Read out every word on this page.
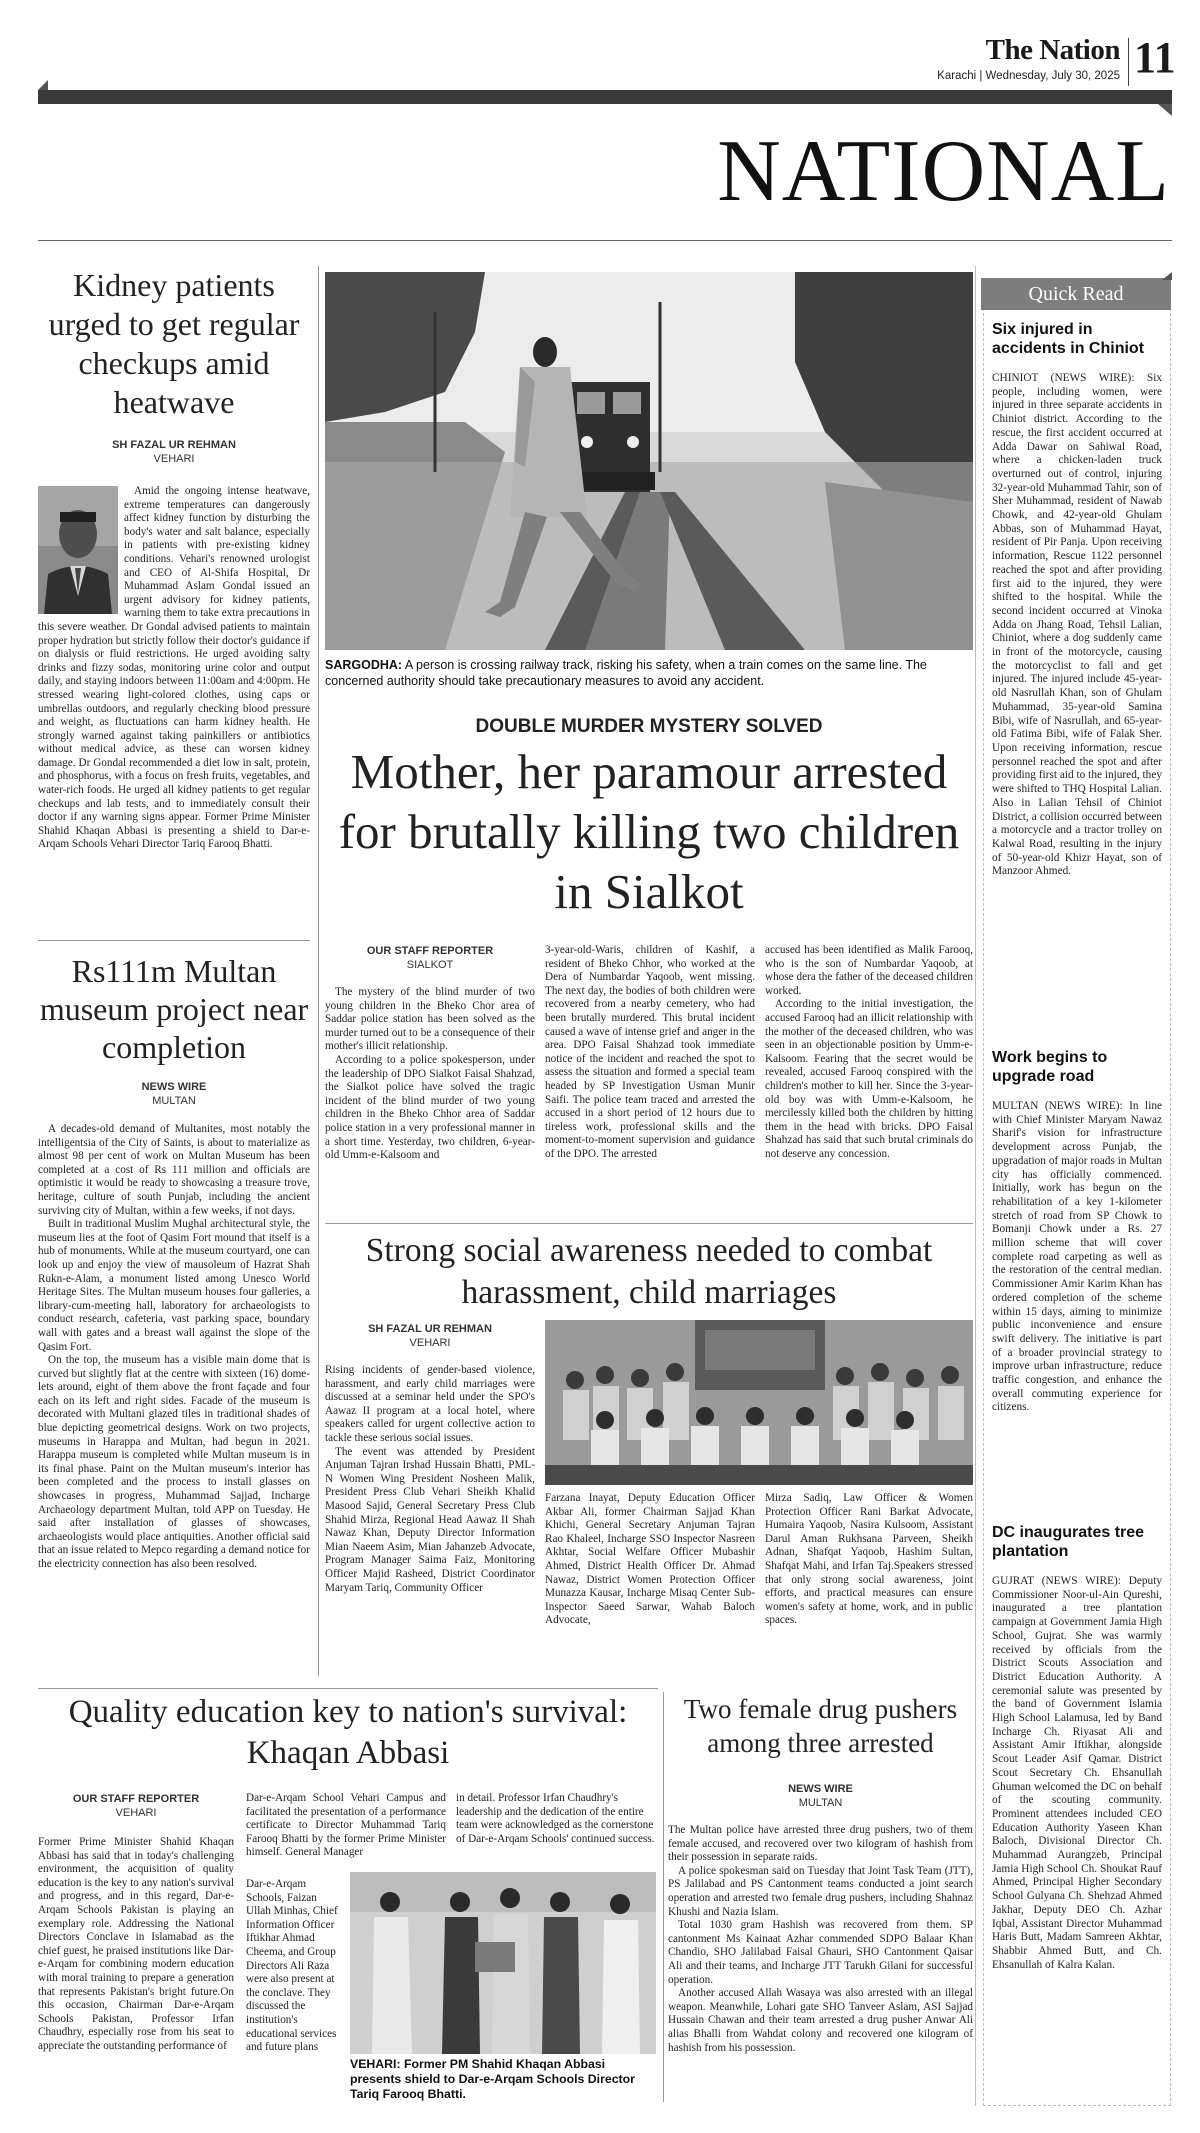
The Nation
Karachi | Wednesday, July 30, 2025 11
NATIONAL
Kidney patients urged to get regular checkups amid heatwave
SH FAZAL UR REHMAN
VEHARI

Amid the ongoing intense heatwave, extreme temperatures can dangerously affect kidney function by disturbing the body's water and salt balance, especially in patients with pre-existing kidney conditions. Vehari's renowned urologist and CEO of Al-Shifa Hospital, Dr Muhammad Aslam Gondal issued an urgent advisory for kidney patients, warning them to take extra precautions in this severe weather. Dr Gondal advised patients to maintain proper hydration but strictly follow their doctor's guidance if on dialysis or fluid restrictions. He urged avoiding salty drinks and fizzy sodas, monitoring urine color and output daily, and staying indoors between 11:00am and 4:00pm. He stressed wearing light-colored clothes, using caps or umbrellas outdoors, and regularly checking blood pressure and weight, as fluctuations can harm kidney health. He strongly warned against taking painkillers or antibiotics without medical advice, as these can worsen kidney damage. Dr Gondal recommended a diet low in salt, protein, and phosphorus, with a focus on fresh fruits, vegetables, and water-rich foods. He urged all kidney patients to get regular checkups and lab tests, and to immediately consult their doctor if any warning signs appear. Former Prime Minister Shahid Khaqan Abbasi is presenting a shield to Dar-e-Arqam Schools Vehari Director Tariq Farooq Bhatti.

Rs111m Multan museum project near completion
NEWS WIRE
MULTAN

A decades-old demand of Multanites, most notably the intelligentsia of the City of Saints, is about to materialize as almost 98 per cent of work on Multan Museum has been completed at a cost of Rs 111 million and officials are optimistic it would be ready to showcasing a treasure trove, heritage, culture of south Punjab, including the ancient surviving city of Multan, within a few weeks, if not days.

Built in traditional Muslim Mughal architectural style, the museum lies at the foot of Qasim Fort mound that itself is a hub of monuments. While at the museum courtyard, one can look up and enjoy the view of mausoleum of Hazrat Shah Rukn-e-Alam, a monument listed among Unesco World Heritage Sites. The Multan museum houses four galleries, a library-cum-meeting hall, laboratory for archaeologists to conduct research, cafeteria, vast parking space, boundary wall with gates and a breast wall against the slope of the Qasim Fort.

On the top, the museum has a visible main dome that is curved but slightly flat at the centre with sixteen (16) dome-lets around, eight of them above the front façade and four each on its left and right sides. Facade of the museum is decorated with Multani glazed tiles in traditional shades of blue depicting geometrical designs. Work on two projects, museums in Harappa and Multan, had begun in 2021. Harappa museum is completed while Multan museum is in its final phase. Paint on the Multan museum's interior has been completed and the process to install glasses on showcases in progress, Muhammad Sajjad, Incharge Archaeology department Multan, told APP on Tuesday. He said after installation of glasses of showcases, archaeologists would place antiquities. Another official said that an issue related to Mepco regarding a demand notice for the electricity connection has also been resolved.

SARGODHA: A person is crossing railway track, risking his safety, when a train comes on the same line. The concerned authority should take precautionary measures to avoid any accident.
DOUBLE MURDER MYSTERY SOLVED
Mother, her paramour arrested for brutally killing two children in Sialkot
OUR STAFF REPORTER
SIALKOT

The mystery of the blind murder of two young children in the Bheko Chor area of Saddar police station has been solved as the murder turned out to be a consequence of their mother's illicit relationship.

According to a police spokesperson, under the leadership of DPO Sialkot Faisal Shahzad, the Sialkot police have solved the tragic incident of the blind murder of two young children in the Bheko Chhor area of Saddar police station in a very professional manner in a short time. Yesterday, two children, 6-year-old Umm-e-Kalsoom and

3-year-old-Waris, children of Kashif, a resident of Bheko Chhor, who worked at the Dera of Numbardar Yaqoob, went missing. The next day, the bodies of both children were recovered from a nearby cemetery, who had been brutally murdered. This brutal incident caused a wave of intense grief and anger in the area. DPO Faisal Shahzad took immediate notice of the incident and reached the spot to assess the situation and formed a special team headed by SP Investigation Usman Munir Saifi. The police team traced and arrested the accused in a short period of 12 hours due to tireless work, professional skills and the moment-to-moment supervision and guidance of the DPO. The arrested

accused has been identified as Malik Farooq, who is the son of Numbardar Yaqoob, at whose dera the father of the deceased children worked.

According to the initial investigation, the accused Farooq had an illicit relationship with the mother of the deceased children, who was seen in an objectionable position by Umm-e-Kalsoom. Fearing that the secret would be revealed, accused Farooq conspired with the children's mother to kill her. Since the 3-year-old boy was with Umm-e-Kalsoom, he mercilessly killed both the children by hitting them in the head with bricks. DPO Faisal Shahzad has said that such brutal criminals do not deserve any concession.

Strong social awareness needed to combat harassment, child marriages
SH FAZAL UR REHMAN
VEHARI

Rising incidents of gender-based violence, harassment, and early child marriages were discussed at a seminar held under the SPO's Aawaz II program at a local hotel, where speakers called for urgent collective action to tackle these serious social issues.

The event was attended by President Anjuman Tajran Irshad Hussain Bhatti, PML-N Women Wing President Nosheen Malik, President Press Club Vehari Sheikh Khalid Masood Sajid, General Secretary Press Club Shahid Mirza, Regional Head Aawaz II Shah Nawaz Khan, Deputy Director Information Mian Naeem Asim, Mian Jahanzeb Advocate, Program Manager Saima Faiz, Monitoring Officer Majid Rasheed, District Coordinator Maryam Tariq, Community Officer

Farzana Inayat, Deputy Education Officer Akbar Ali, former Chairman Sajjad Khan Khichi, General Secretary Anjuman Tajran Rao Khaleel, Incharge SSO Inspector Nasreen Akhtar, Social Welfare Officer Mubashir Ahmed, District Health Officer Dr. Ahmad Nawaz, District Women Protection Officer Munazza Kausar, Incharge Misaq Center Sub-Inspector Saeed Sarwar, Wahab Baloch Advocate,

Mirza Sadiq, Law Officer & Women Protection Officer Rani Barkat Advocate, Humaira Yaqoob, Nasira Kulsoom, Assistant Darul Aman Rukhsana Parveen, Sheikh Adnan, Shafqat Yaqoob, Hashim Sultan, Shafqat Mahi, and Irfan Taj.Speakers stressed that only strong social awareness, joint efforts, and practical measures can ensure women's safety at home, work, and in public spaces.

Quality education key to nation's survival: Khaqan Abbasi
OUR STAFF REPORTER
VEHARI

Former Prime Minister Shahid Khaqan Abbasi has said that in today's challenging environment, the acquisition of quality education is the key to any nation's survival and progress, and in this regard, Dar-e-Arqam Schools Pakistan is playing an exemplary role. Addressing the National Directors Conclave in Islamabad as the chief guest, he praised institutions like Dar-e-Arqam for combining modern education with moral training to prepare a generation that represents Pakistan's bright future.On this occasion, Chairman Dar-e-Arqam Schools Pakistan, Professor Irfan Chaudhry, especially rose from his seat to appreciate the outstanding performance of

Dar-e-Arqam School Vehari Campus and facilitated the presentation of a performance certificate to Director Muhammad Tariq Farooq Bhatti by the former Prime Minister himself. General Manager

Dar-e-Arqam Schools, Faizan Ullah Minhas, Chief Information Officer Iftikhar Ahmad Cheema, and Group Directors Ali Raza were also present at the conclave. They discussed the institution's educational services and future plans

in detail. Professor Irfan Chaudhry's leadership and the dedication of the entire team were acknowledged as the cornerstone of Dar-e-Arqam Schools' continued success.

VEHARI: Former PM Shahid Khaqan Abbasi presents shield to Dar-e-Arqam Schools Director Tariq Farooq Bhatti.
Two female drug pushers among three arrested
NEWS WIRE
MULTAN

The Multan police have arrested three drug pushers, two of them female accused, and recovered over two kilogram of hashish from their possession in separate raids.

A police spokesman said on Tuesday that Joint Task Team (JTT), PS Jalilabad and PS Cantonment teams conducted a joint search operation and arrested two female drug pushers, including Shahnaz Khushi and Nazia Islam.

Total 1030 gram Hashish was recovered from them. SP cantonment Ms Kainaat Azhar commended SDPO Balaar Khan Chandio, SHO Jalilabad Faisal Ghauri, SHO Cantonment Qaisar Ali and their teams, and Incharge JTT Tarukh Gilani for successful operation.

Another accused Allah Wasaya was also arrested with an illegal weapon. Meanwhile, Lohari gate SHO Tanveer Aslam, ASI Sajjad Hussain Chawan and their team arrested a drug pusher Anwar Ali alias Bhalli from Wahdat colony and recovered one kilogram of hashish from his possession.

Quick Read
Six injured in accidents in Chiniot
CHINIOT (NEWS WIRE): Six people, including women, were injured in three separate accidents in Chiniot district. According to the rescue, the first accident occurred at Adda Dawar on Sahiwal Road, where a chicken-laden truck overturned out of control, injuring 32-year-old Muhammad Tahir, son of Sher Muhammad, resident of Nawab Chowk, and 42-year-old Ghulam Abbas, son of Muhammad Hayat, resident of Pir Panja. Upon receiving information, Rescue 1122 personnel reached the spot and after providing first aid to the injured, they were shifted to the hospital. While the second incident occurred at Vinoka Adda on Jhang Road, Tehsil Lalian, Chiniot, where a dog suddenly came in front of the motorcycle, causing the motorcyclist to fall and get injured. The injured include 45-year-old Nasrullah Khan, son of Ghulam Muhammad, 35-year-old Samina Bibi, wife of Nasrullah, and 65-year-old Fatima Bibi, wife of Falak Sher. Upon receiving information, rescue personnel reached the spot and after providing first aid to the injured, they were shifted to THQ Hospital Lalian. Also in Lalian Tehsil of Chiniot District, a collision occurred between a motorcycle and a tractor trolley on Kalwal Road, resulting in the injury of 50-year-old Khizr Hayat, son of Manzoor Ahmed.
Work begins to upgrade road
MULTAN (NEWS WIRE): In line with Chief Minister Maryam Nawaz Sharif's vision for infrastructure development across Punjab, the upgradation of major roads in Multan city has officially commenced. Initially, work has begun on the rehabilitation of a key 1-kilometer stretch of road from SP Chowk to Bomanji Chowk under a Rs. 27 million scheme that will cover complete road carpeting as well as the restoration of the central median. Commissioner Amir Karim Khan has ordered completion of the scheme within 15 days, aiming to minimize public inconvenience and ensure swift delivery. The initiative is part of a broader provincial strategy to improve urban infrastructure, reduce traffic congestion, and enhance the overall commuting experience for citizens.
DC inaugurates tree plantation
GUJRAT (NEWS WIRE): Deputy Commissioner Noor-ul-Ain Qureshi, inaugurated a tree plantation campaign at Government Jamia High School, Gujrat. She was warmly received by officials from the District Scouts Association and District Education Authority. A ceremonial salute was presented by the band of Government Islamia High School Lalamusa, led by Band Incharge Ch. Riyasat Ali and Assistant Amir Iftikhar, alongside Scout Leader Asif Qamar. District Scout Secretary Ch. Ehsanullah Ghuman welcomed the DC on behalf of the scouting community. Prominent attendees included CEO Education Authority Yaseen Khan Baloch, Divisional Director Ch. Muhammad Aurangzeb, Principal Jamia High School Ch. Shoukat Rauf Ahmed, Principal Higher Secondary School Gulyana Ch. Shehzad Ahmed Jakhar, Deputy DEO Ch. Azhar Iqbal, Assistant Director Muhammad Haris Butt, Madam Samreen Akhtar, Shabbir Ahmed Butt, and Ch. Ehsanullah of Kalra Kalan.
